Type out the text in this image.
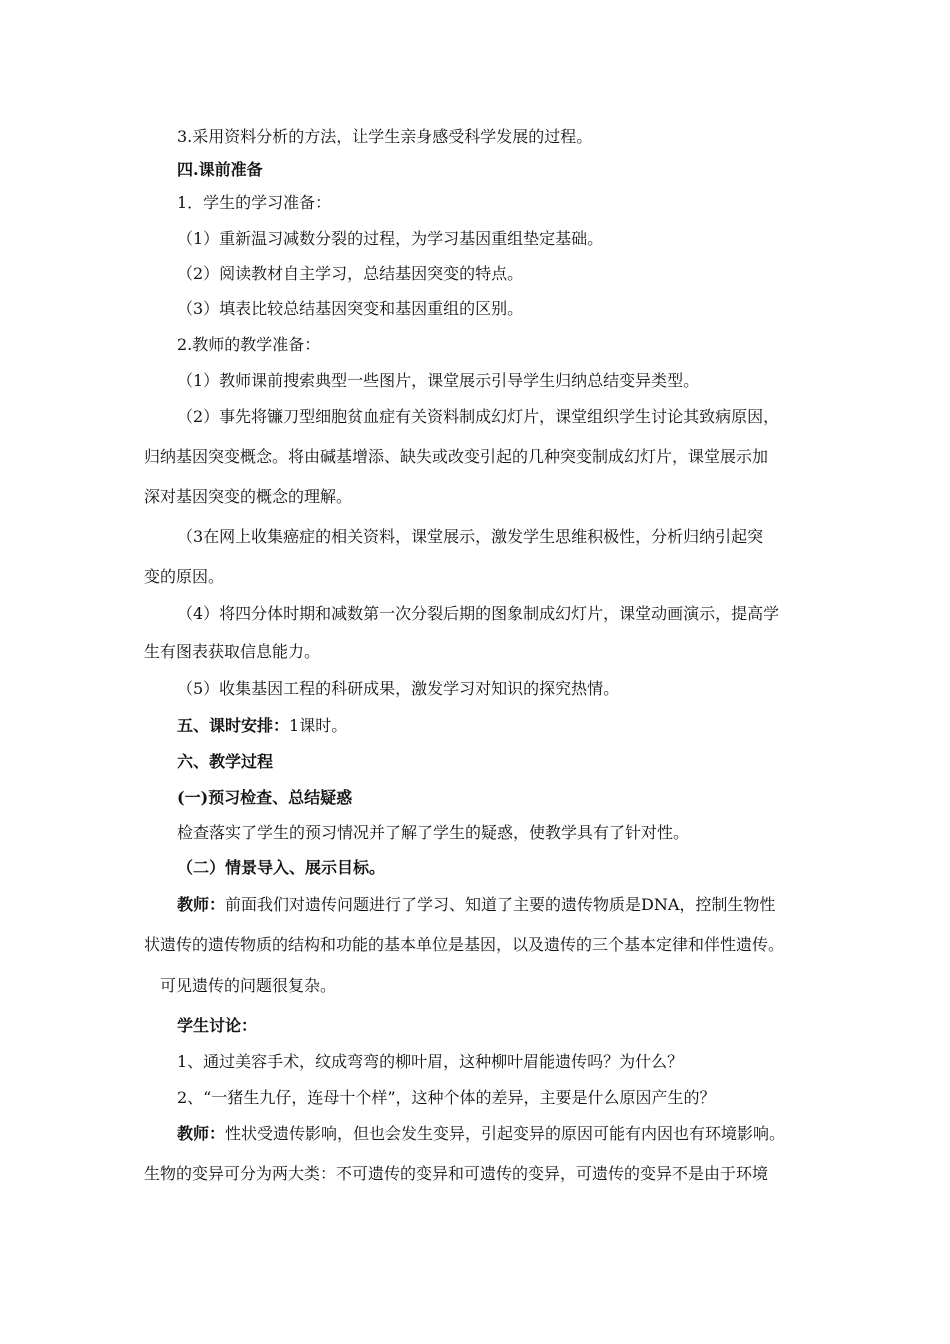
3.采用资料分析的方法，让学生亲身感受科学发展的过程。

四.课前准备

1．学生的学习准备：

（1）重新温习减数分裂的过程，为学习基因重组垫定基础。

（2）阅读教材自主学习，总结基因突变的特点。

（3）填表比较总结基因突变和基因重组的区别。

2.教师的教学准备：

（1）教师课前搜索典型一些图片，课堂展示引导学生归纳总结变异类型。

（2）事先将镰刀型细胞贫血症有关资料制成幻灯片，课堂组织学生讨论其致病原因，

归纳基因突变概念。将由碱基增添、缺失或改变引起的几种突变制成幻灯片，课堂展示加

深对基因突变的概念的理解。

（3在网上收集癌症的相关资料，课堂展示，激发学生思维积极性，分析归纳引起突

变的原因。

（4）将四分体时期和减数第一次分裂后期的图象制成幻灯片，课堂动画演示，提高学

生有图表获取信息能力。

（5）收集基因工程的科研成果，激发学习对知识的探究热情。

五、课时安排：1课时。

六、教学过程

(一)预习检查、总结疑惑

检查落实了学生的预习情况并了解了学生的疑惑，使教学具有了针对性。

（二）情景导入、展示目标。

教师：前面我们对遗传问题进行了学习、知道了主要的遗传物质是DNA，控制生物性

状遗传的遗传物质的结构和功能的基本单位是基因，以及遗传的三个基本定律和伴性遗传。

可见遗传的问题很复杂。

学生讨论：

1、通过美容手术，纹成弯弯的柳叶眉，这种柳叶眉能遗传吗？为什么？

2、“一猪生九仔，连母十个样”，这种个体的差异，主要是什么原因产生的？

教师：性状受遗传影响，但也会发生变异，引起变异的原因可能有内因也有环境影响。

生物的变异可分为两大类：不可遗传的变异和可遗传的变异，可遗传的变异不是由于环境
